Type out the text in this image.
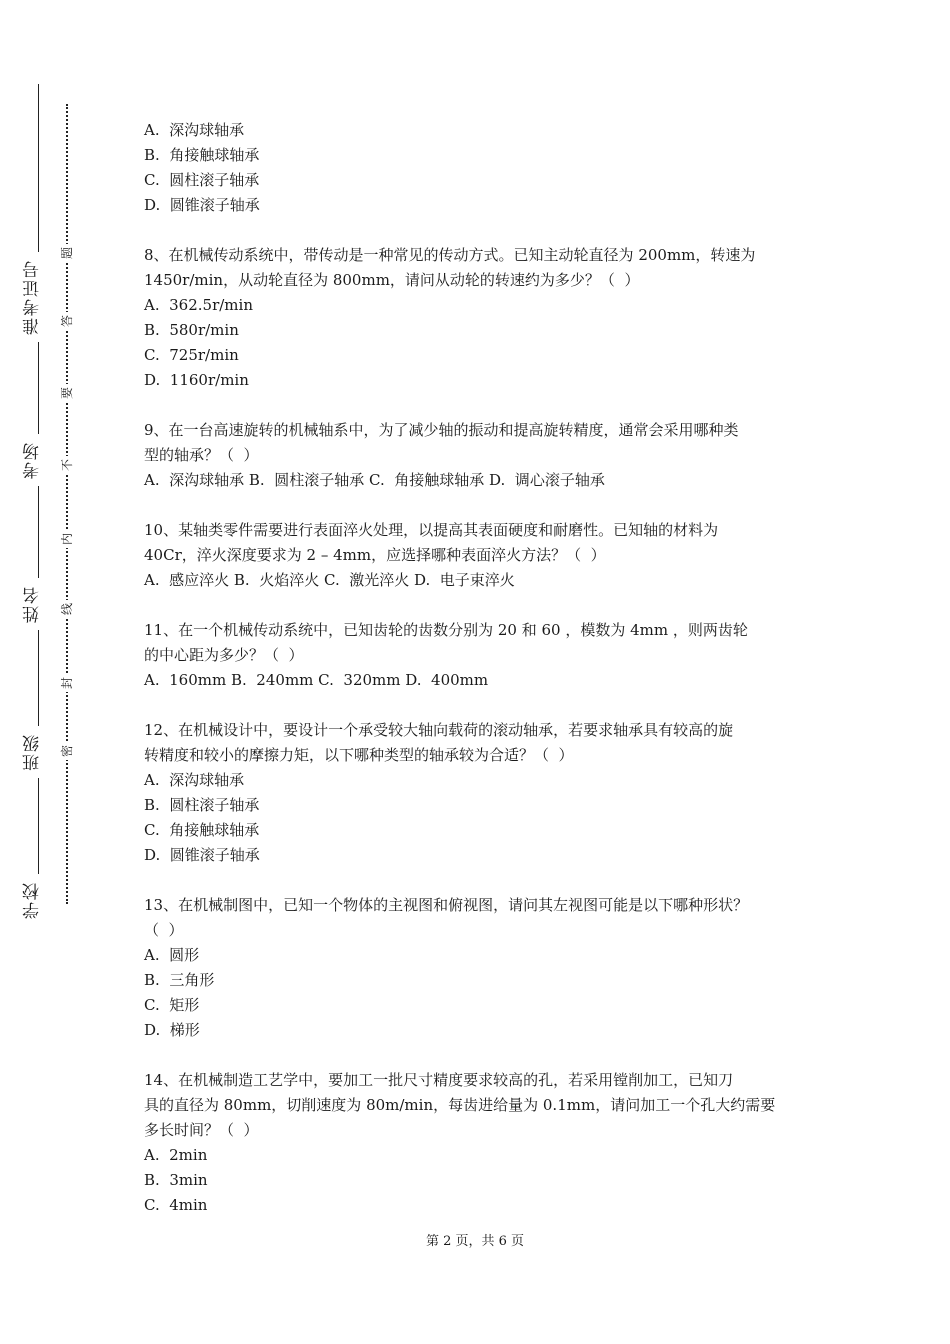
准考证号
考场
姓名
班级
学校
题
答
要
不
内
线
封
密

A.  深沟球轴承

B.  角接触球轴承

C.  圆柱滚子轴承

D.  圆锥滚子轴承

8、在机械传动系统中，带传动是一种常见的传动方式。已知主动轮直径为 200mm，转速为

1450r/min，从动轮直径为 800mm，请问从动轮的转速约为多少？（  ）

A.  362.5r/min

B.  580r/min

C.  725r/min

D.  1160r/min

9、在一台高速旋转的机械轴系中，为了减少轴的振动和提高旋转精度，通常会采用哪种类

型的轴承？（  ）

A.  深沟球轴承 B.  圆柱滚子轴承 C.  角接触球轴承 D.  调心滚子轴承

10、某轴类零件需要进行表面淬火处理，以提高其表面硬度和耐磨性。已知轴的材料为

40Cr，淬火深度要求为 2 – 4mm，应选择哪种表面淬火方法？（  ）

A.  感应淬火 B.  火焰淬火 C.  激光淬火 D.  电子束淬火

11、在一个机械传动系统中，已知齿轮的齿数分别为 20 和 60 ，模数为 4mm ，则两齿轮

的中心距为多少？（  ）

A.  160mm B.  240mm C.  320mm D.  400mm

12、在机械设计中，要设计一个承受较大轴向载荷的滚动轴承，若要求轴承具有较高的旋

转精度和较小的摩擦力矩，以下哪种类型的轴承较为合适？（  ）

A.  深沟球轴承

B.  圆柱滚子轴承

C.  角接触球轴承

D.  圆锥滚子轴承

13、在机械制图中，已知一个物体的主视图和俯视图，请问其左视图可能是以下哪种形状？

（  ）

A.  圆形

B.  三角形

C.  矩形

D.  梯形

14、在机械制造工艺学中，要加工一批尺寸精度要求较高的孔，若采用镗削加工，已知刀

具的直径为 80mm，切削速度为 80m/min，每齿进给量为 0.1mm，请问加工一个孔大约需要

多长时间？（  ）

A.  2min

B.  3min

C.  4min

第 2 页，共 6 页
